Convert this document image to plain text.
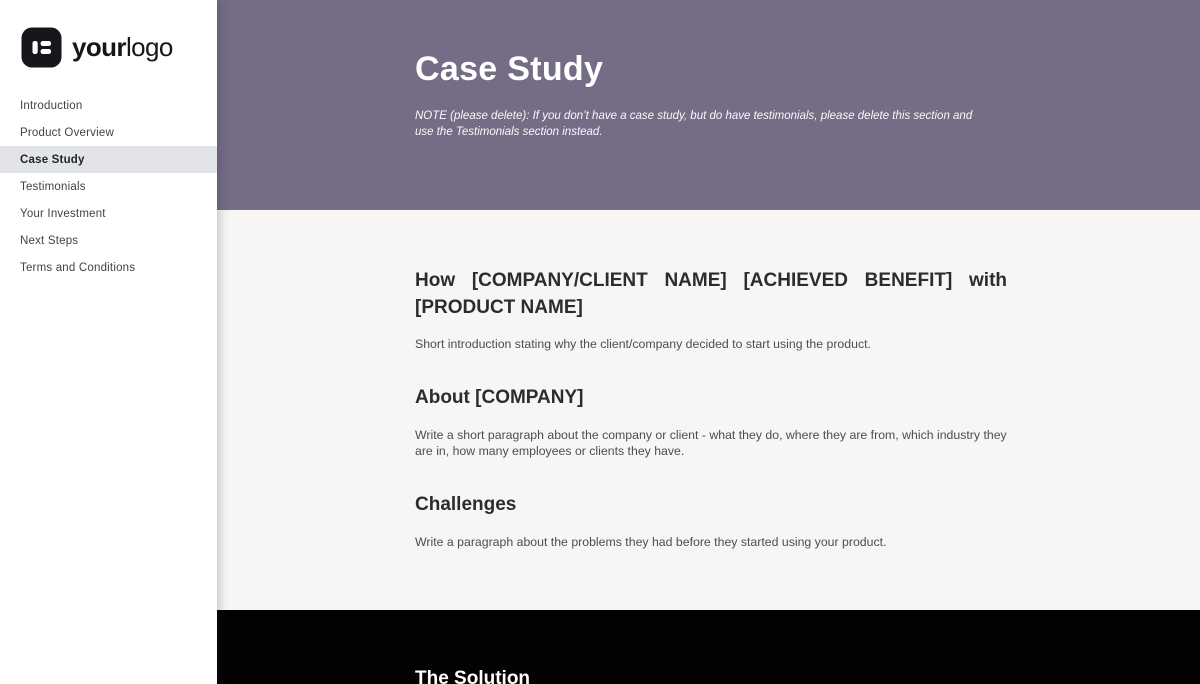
yourlogo
Introduction
Product Overview
Case Study
Testimonials
Your Investment
Next Steps
Terms and Conditions
Case Study

NOTE (please delete): If you don’t have a case study, but do have testimonials, please delete this section and use the Testimonials section instead.

How [COMPANY/CLIENT NAME] [ACHIEVED BENEFIT] with [PRODUCT NAME]

Short introduction stating why the client/company decided to start using the product.

About [COMPANY]

Write a short paragraph about the company or client - what they do, where they are from, which industry they are in, how many employees or clients they have.

Challenges

Write a paragraph about the problems they had before they started using your product.

The Solution
